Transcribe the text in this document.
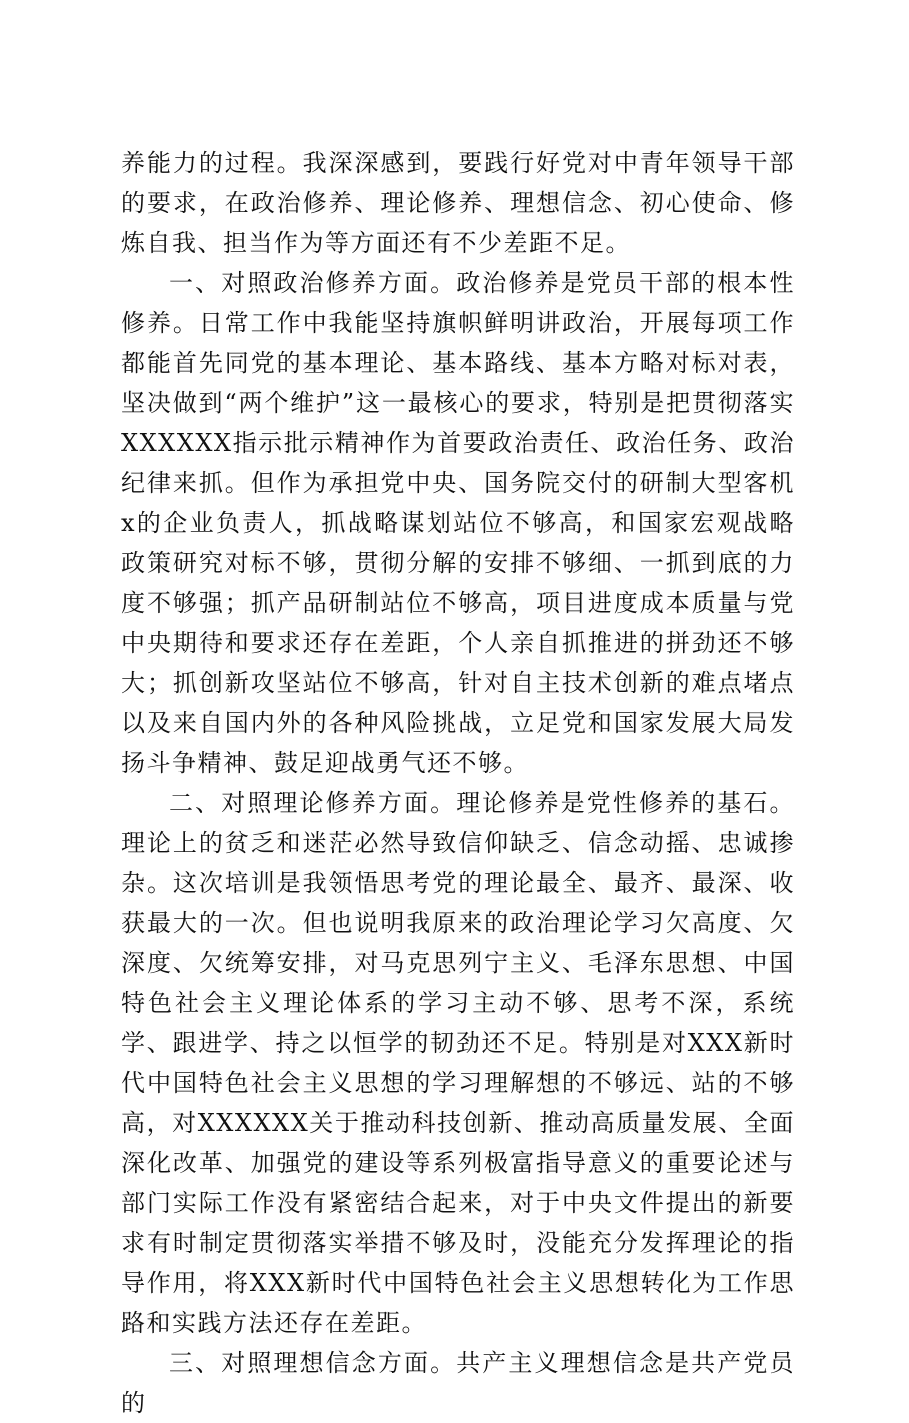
养能力的过程。我深深感到，要践行好党对中青年领导干部的要求，在政治修养、理论修养、理想信念、初心使命、修炼自我、担当作为等方面还有不少差距不足。

一、对照政治修养方面。政治修养是党员干部的根本性修养。日常工作中我能坚持旗帜鲜明讲政治，开展每项工作都能首先同党的基本理论、基本路线、基本方略对标对表，坚决做到“两个维护”这一最核心的要求，特别是把贯彻落实XXXXXX指示批示精神作为首要政治责任、政治任务、政治纪律来抓。但作为承担党中央、国务院交付的研制大型客机x的企业负责人，抓战略谋划站位不够高，和国家宏观战略政策研究对标不够，贯彻分解的安排不够细、一抓到底的力度不够强；抓产品研制站位不够高，项目进度成本质量与党中央期待和要求还存在差距，个人亲自抓推进的拼劲还不够大；抓创新攻坚站位不够高，针对自主技术创新的难点堵点以及来自国内外的各种风险挑战，立足党和国家发展大局发扬斗争精神、鼓足迎战勇气还不够。

二、对照理论修养方面。理论修养是党性修养的基石。理论上的贫乏和迷茫必然导致信仰缺乏、信念动摇、忠诚掺杂。这次培训是我领悟思考党的理论最全、最齐、最深、收获最大的一次。但也说明我原来的政治理论学习欠高度、欠深度、欠统筹安排，对马克思列宁主义、毛泽东思想、中国特色社会主义理论体系的学习主动不够、思考不深，系统学、跟进学、持之以恒学的韧劲还不足。特别是对XXX新时代中国特色社会主义思想的学习理解想的不够远、站的不够高，对XXXXXX关于推动科技创新、推动高质量发展、全面深化改革、加强党的建设等系列极富指导意义的重要论述与部门实际工作没有紧密结合起来，对于中央文件提出的新要求有时制定贯彻落实举措不够及时，没能充分发挥理论的指导作用，将XXX新时代中国特色社会主义思想转化为工作思路和实践方法还存在差距。

三、对照理想信念方面。共产主义理想信念是共产党员的
